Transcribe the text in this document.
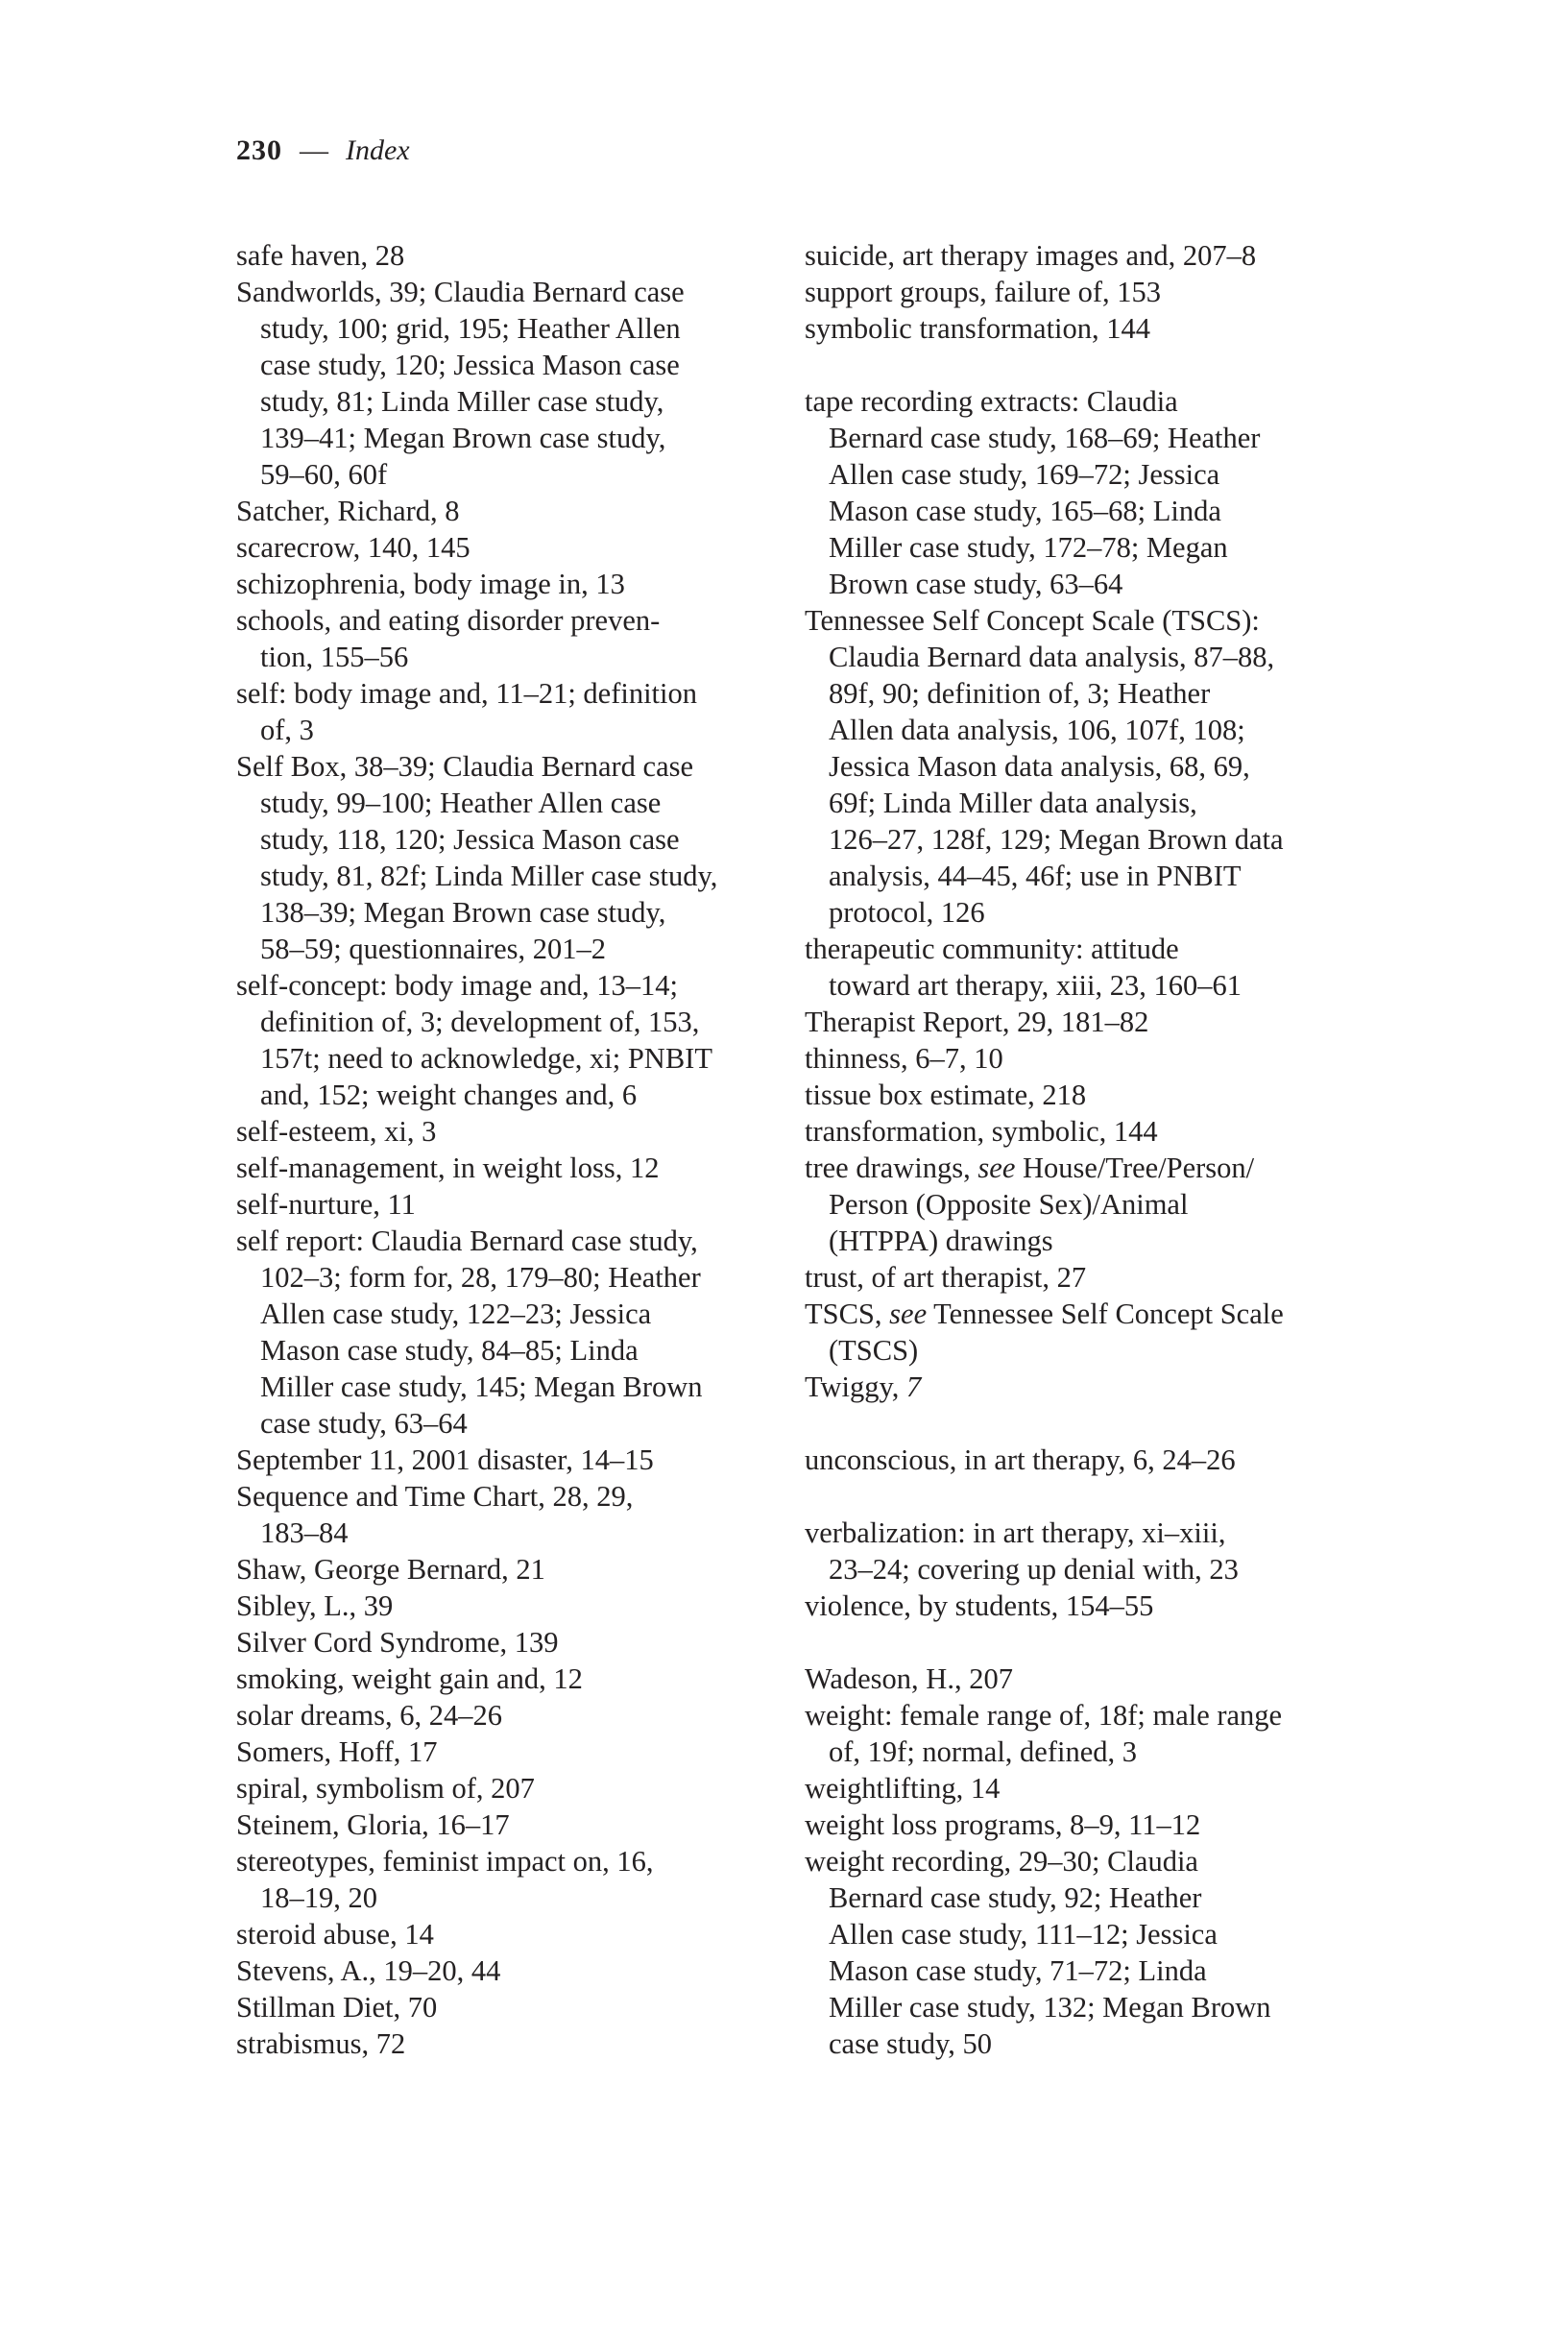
230 — Index
safe haven, 28
Sandworlds, 39; Claudia Bernard case
study, 100; grid, 195; Heather Allen
case study, 120; Jessica Mason case
study, 81; Linda Miller case study,
139–41; Megan Brown case study,
59–60, 60f
Satcher, Richard, 8
scarecrow, 140, 145
schizophrenia, body image in, 13
schools, and eating disorder preven-
tion, 155–56
self: body image and, 11–21; definition
of, 3
Self Box, 38–39; Claudia Bernard case
study, 99–100; Heather Allen case
study, 118, 120; Jessica Mason case
study, 81, 82f; Linda Miller case study,
138–39; Megan Brown case study,
58–59; questionnaires, 201–2
self-concept: body image and, 13–14;
definition of, 3; development of, 153,
157t; need to acknowledge, xi; PNBIT
and, 152; weight changes and, 6
self-esteem, xi, 3
self-management, in weight loss, 12
self-nurture, 11
self report: Claudia Bernard case study,
102–3; form for, 28, 179–80; Heather
Allen case study, 122–23; Jessica
Mason case study, 84–85; Linda
Miller case study, 145; Megan Brown
case study, 63–64
September 11, 2001 disaster, 14–15
Sequence and Time Chart, 28, 29,
183–84
Shaw, George Bernard, 21
Sibley, L., 39
Silver Cord Syndrome, 139
smoking, weight gain and, 12
solar dreams, 6, 24–26
Somers, Hoff, 17
spiral, symbolism of, 207
Steinem, Gloria, 16–17
stereotypes, feminist impact on, 16,
18–19, 20
steroid abuse, 14
Stevens, A., 19–20, 44
Stillman Diet, 70
strabismus, 72
suicide, art therapy images and, 207–8
support groups, failure of, 153
symbolic transformation, 144
tape recording extracts: Claudia
Bernard case study, 168–69; Heather
Allen case study, 169–72; Jessica
Mason case study, 165–68; Linda
Miller case study, 172–78; Megan
Brown case study, 63–64
Tennessee Self Concept Scale (TSCS):
Claudia Bernard data analysis, 87–88,
89f, 90; definition of, 3; Heather
Allen data analysis, 106, 107f, 108;
Jessica Mason data analysis, 68, 69,
69f; Linda Miller data analysis,
126–27, 128f, 129; Megan Brown data
analysis, 44–45, 46f; use in PNBIT
protocol, 126
therapeutic community: attitude
toward art therapy, xiii, 23, 160–61
Therapist Report, 29, 181–82
thinness, 6–7, 10
tissue box estimate, 218
transformation, symbolic, 144
tree drawings, see House/Tree/Person/
Person (Opposite Sex)/Animal
(HTPPA) drawings
trust, of art therapist, 27
TSCS, see Tennessee Self Concept Scale
(TSCS)
Twiggy, 7
unconscious, in art therapy, 6, 24–26
verbalization: in art therapy, xi–xiii,
23–24; covering up denial with, 23
violence, by students, 154–55
Wadeson, H., 207
weight: female range of, 18f; male range
of, 19f; normal, defined, 3
weightlifting, 14
weight loss programs, 8–9, 11–12
weight recording, 29–30; Claudia
Bernard case study, 92; Heather
Allen case study, 111–12; Jessica
Mason case study, 71–72; Linda
Miller case study, 132; Megan Brown
case study, 50
